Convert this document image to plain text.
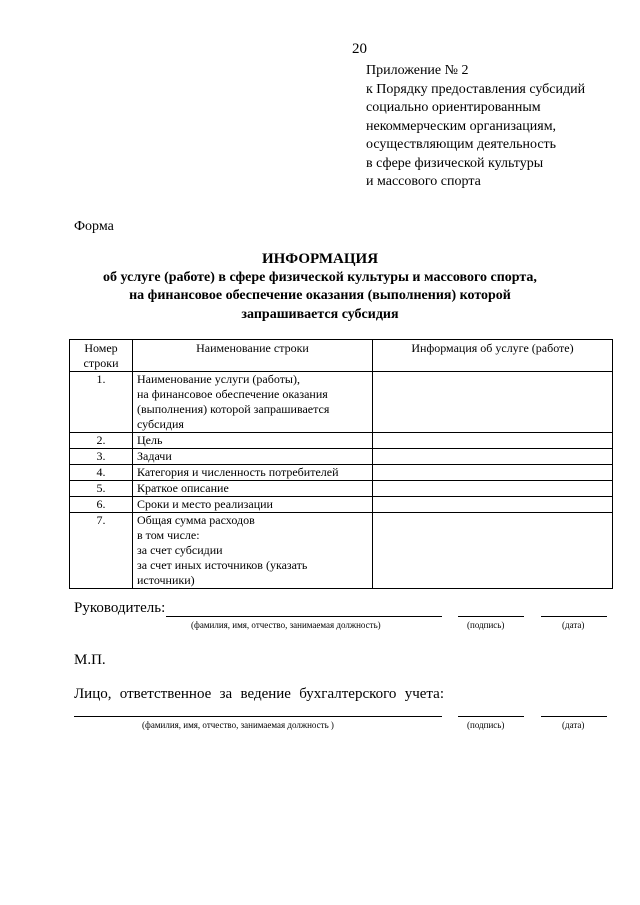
20
Приложение № 2
к Порядку предоставления субсидий
социально ориентированным
некоммерческим организациям,
осуществляющим деятельность
в сфере физической культуры
и массового спорта
Форма
ИНФОРМАЦИЯ
об услуге (работе) в сфере физической культуры и массового спорта,
на финансовое обеспечение оказания (выполнения) которой
запрашивается субсидия
Номер строки	Наименование строки	Информация об услуге (работе)
1.	Наименование услуги (работы),
на финансовое обеспечение оказания
(выполнения) которой запрашивается
субсидия	

2.	Цель	
3.	Задачи	
4.	Категория и численность потребителей	
5.	Краткое описание	
6.	Сроки и место реализации	
7.	Общая сумма расходов
в том числе:
за счет субсидии
за счет иных источников (указать
источники)	

Руководитель:
(фамилия, имя, отчество, занимаемая должность)	(подпись)	(дата)
М.П.
Лицо, ответственное за ведение бухгалтерского учета:
(фамилия, имя, отчество, занимаемая должность )	(подпись)	(дата)
